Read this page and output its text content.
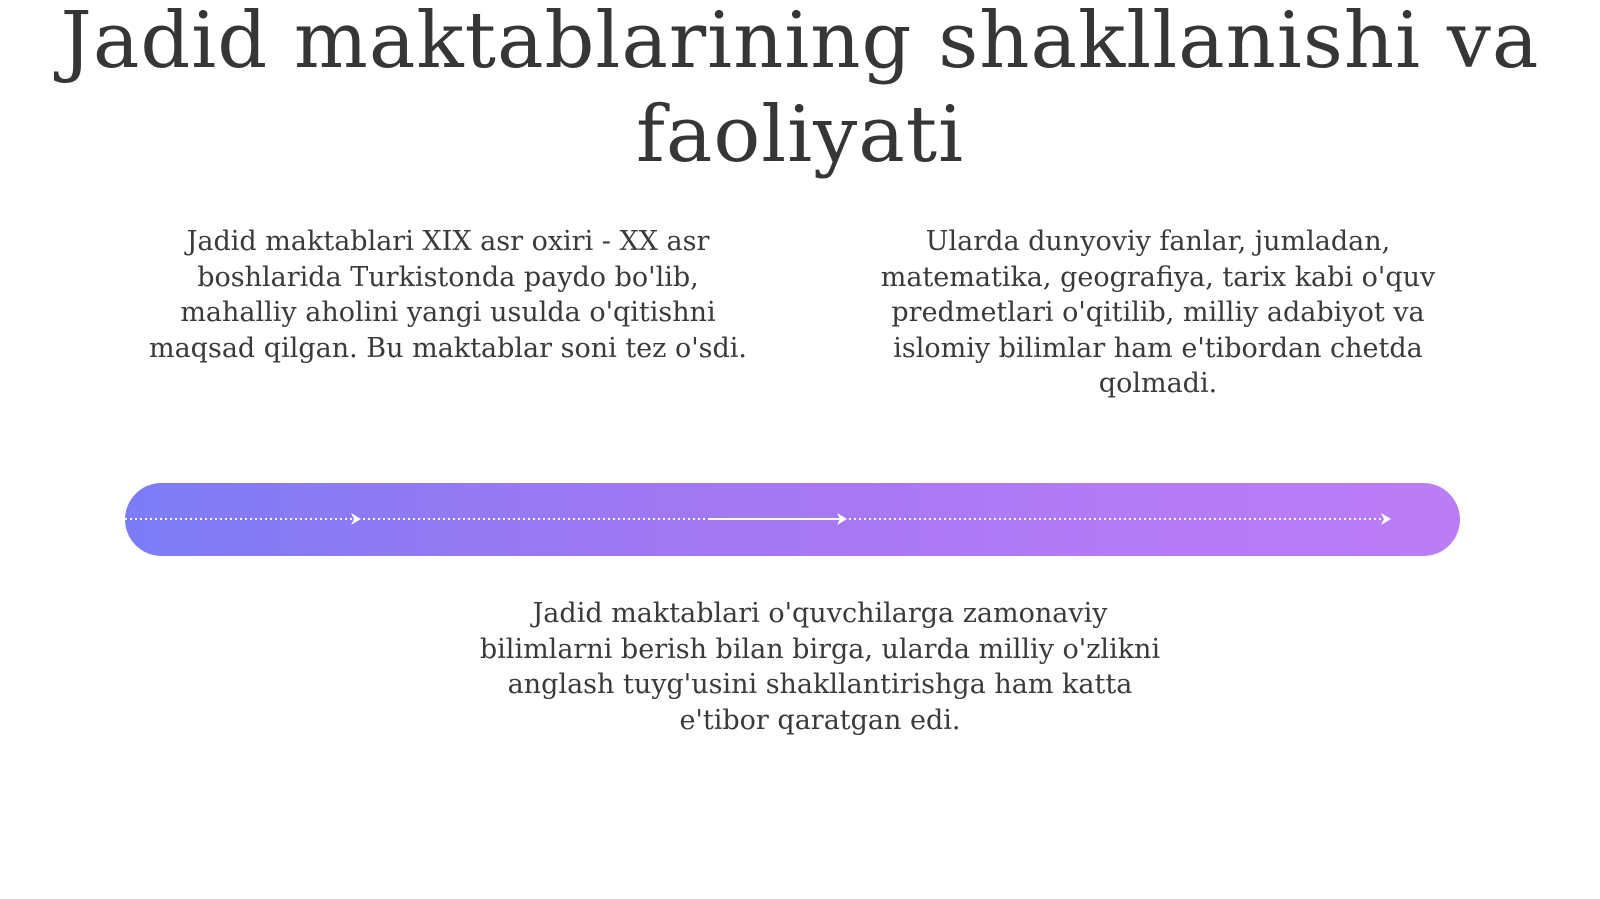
Jadid maktablarining shakllanishi va faoliyati

Jadid maktablari XIX asr oxiri - XX asr boshlarida Turkistonda paydo bo'lib, mahalliy aholini yangi usulda o'qitishni maqsad qilgan. Bu maktablar soni tez o'sdi.

Ularda dunyoviy fanlar, jumladan, matematika, geografiya, tarix kabi o'quv predmetlari o'qitilib, milliy adabiyot va islomiy bilimlar ham e'tibordan chetda qolmadi.

Jadid maktablari o'quvchilarga zamonaviy bilimlarni berish bilan birga, ularda milliy o'zlikni anglash tuyg'usini shakllantirishga ham katta e'tibor qaratgan edi.
